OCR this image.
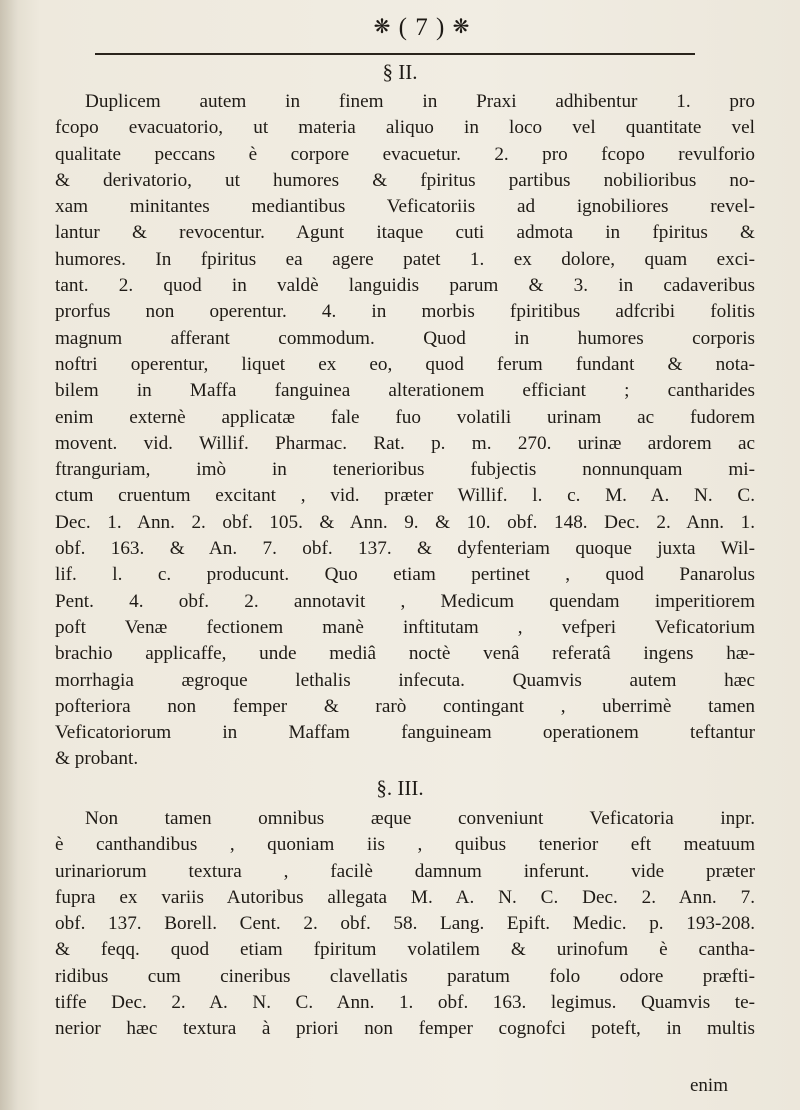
❋ ( 7 ) ❋
§ II.
Duplicem autem in finem in Praxi adhibentur 1. pro
fcopo evacuatorio, ut materia aliquo in loco vel quantitate vel
qualitate peccans è corpore evacuetur. 2. pro fcopo revulforio
& derivatorio, ut humores & fpiritus partibus nobilioribus no-
xam minitantes mediantibus Veficatoriis ad ignobiliores revel-
lantur & revocentur. Agunt itaque cuti admota in fpiritus &
humores. In fpiritus ea agere patet 1. ex dolore, quam exci-
tant. 2. quod in valdè languidis parum & 3. in cadaveribus
prorfus non operentur. 4. in morbis fpiritibus adfcribi folitis
magnum afferant commodum. Quod in humores corporis
noftri operentur, liquet ex eo, quod ferum fundant & nota-
bilem in Maffa fanguinea alterationem efficiant ; cantharides
enim externè applicatæ fale fuo volatili urinam ac fudorem
movent. vid. Willif. Pharmac. Rat. p. m. 270. urinæ ardorem ac
ftranguriam, imò in tenerioribus fubjectis nonnunquam mi-
ctum cruentum excitant , vid. præter Willif. l. c. M. A. N. C.
Dec. 1. Ann. 2. obf. 105. & Ann. 9. & 10. obf. 148. Dec. 2. Ann. 1.
obf. 163. & An. 7. obf. 137. & dyfenteriam quoque juxta Wil-
lif. l. c. producunt. Quo etiam pertinet , quod Panarolus
Pent. 4. obf. 2. annotavit , Medicum quendam imperitiorem
poft Venæ fectionem manè inftitutam , vefperi Veficatorium
brachio applicaffe, unde mediâ noctè venâ referatâ ingens hæ-
morrhagia ægroque lethalis infecuta. Quamvis autem hæc
pofteriora non femper & rarò contingant , uberrimè tamen
Veficatoriorum in Maffam fanguineam operationem teftantur
& probant.
§. III.
Non tamen omnibus æque conveniunt Veficatoria inpr.
è canthandibus , quoniam iis , quibus tenerior eft meatuum
urinariorum textura , facilè damnum inferunt. vide præter
fupra ex variis Autoribus allegata M. A. N. C. Dec. 2. Ann. 7.
obf. 137. Borell. Cent. 2. obf. 58. Lang. Epift. Medic. p. 193-208.
& feqq. quod etiam fpiritum volatilem & urinofum è cantha-
ridibus cum cineribus clavellatis paratum folo odore præfti-
tiffe Dec. 2. A. N. C. Ann. 1. obf. 163. legimus. Quamvis te-
nerior hæc textura à priori non femper cognofci poteft, in multis
enim
